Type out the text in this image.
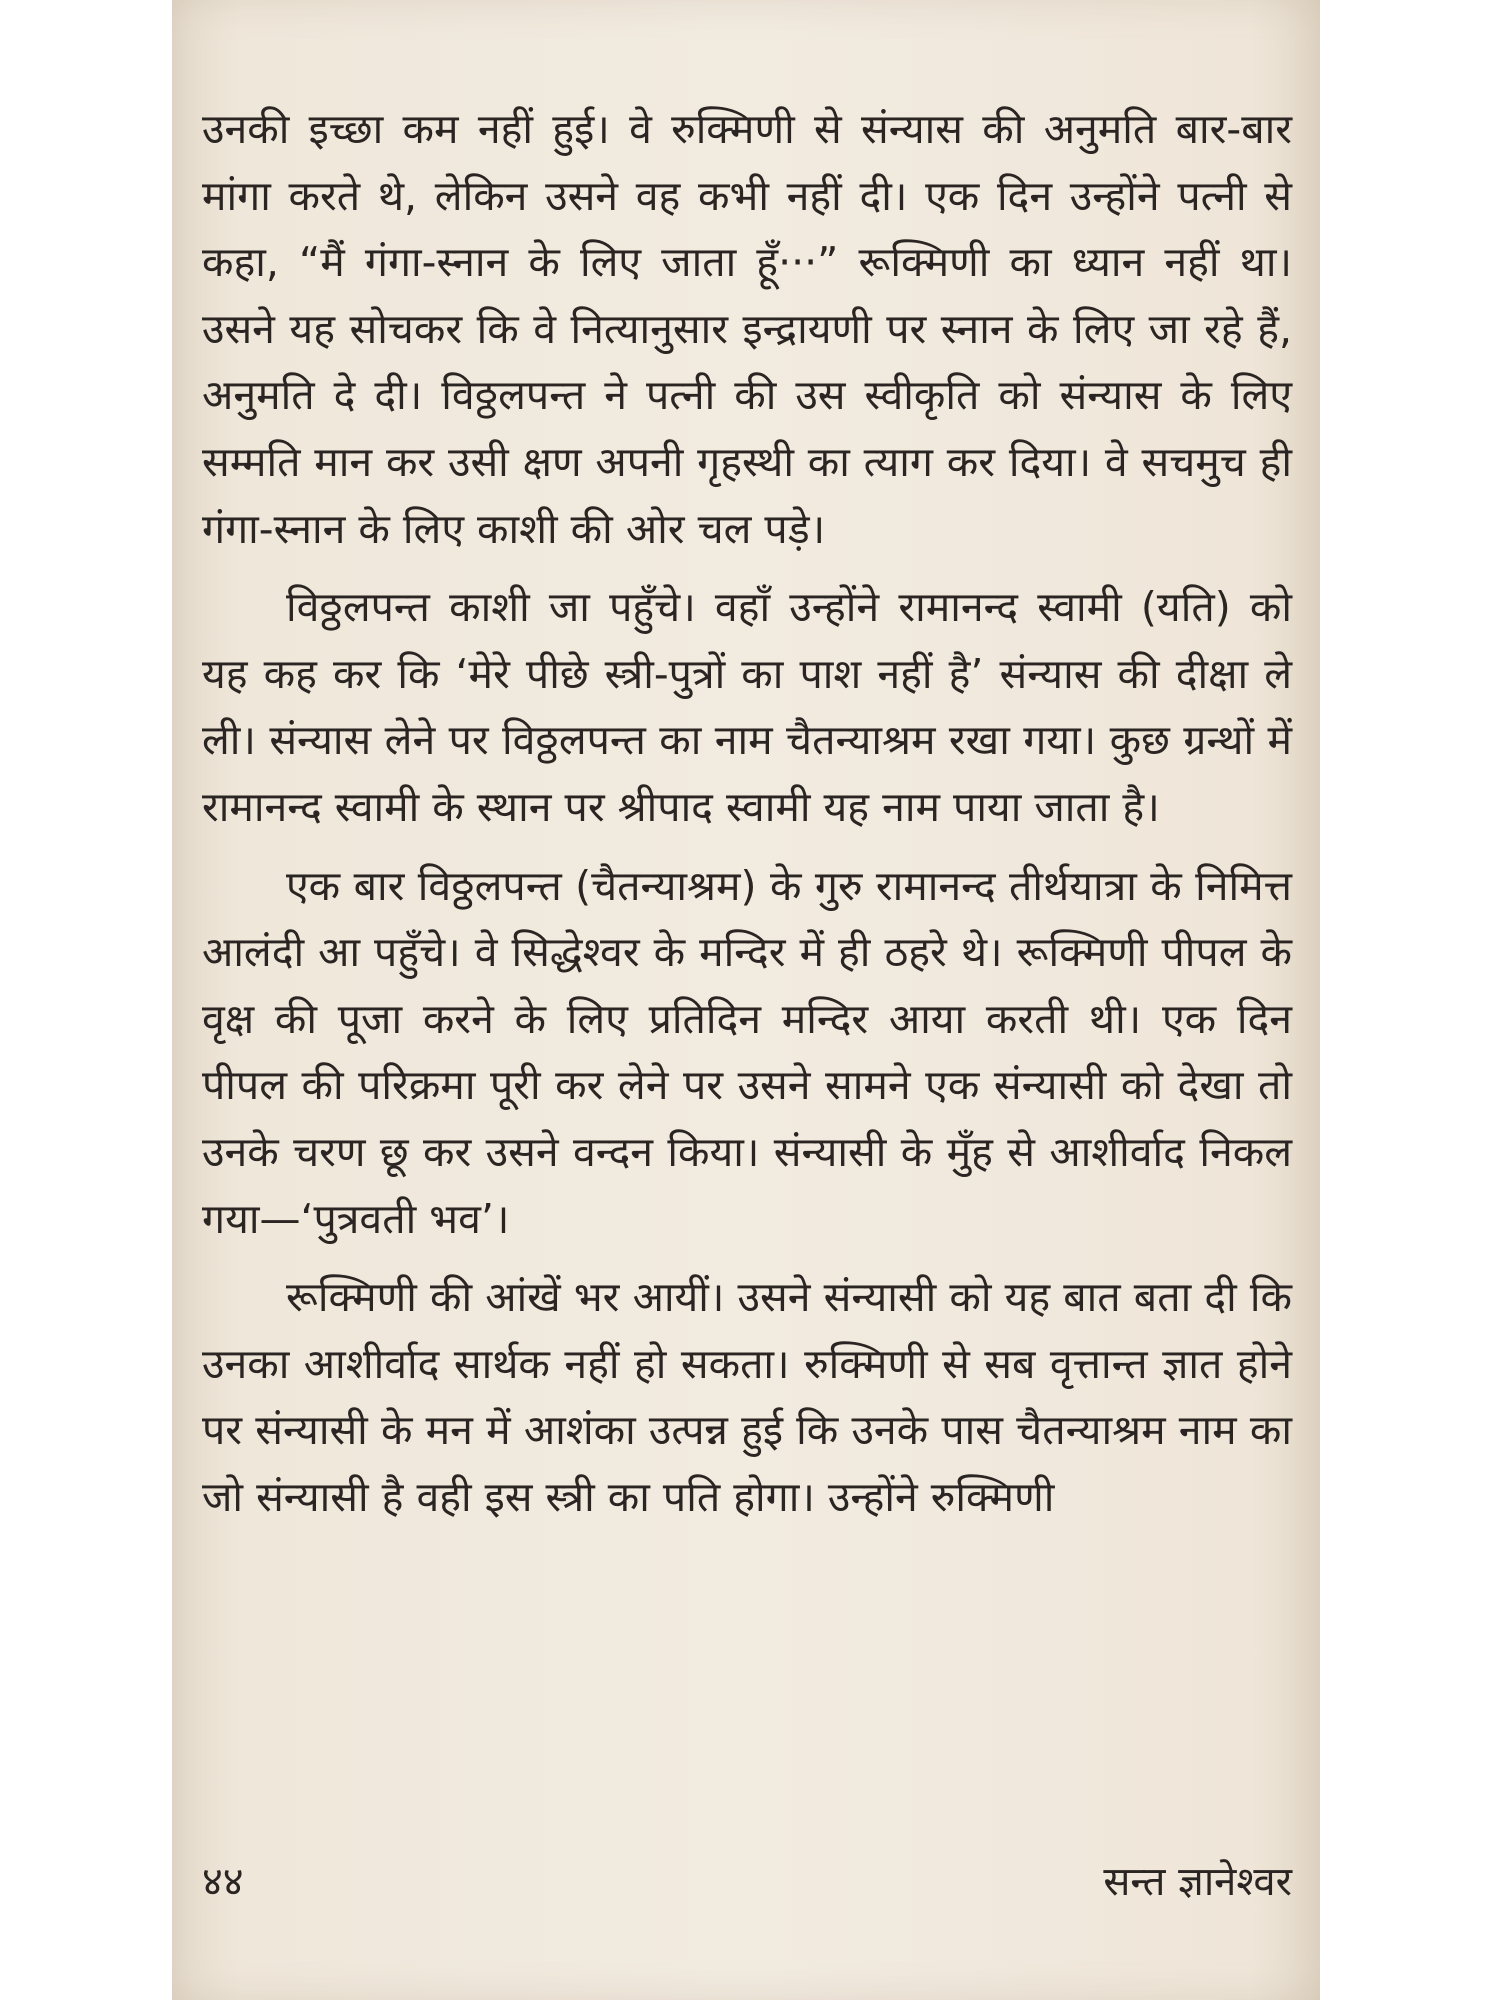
उनकी इच्छा कम नहीं हुई। वे रुक्मिणी से संन्यास की अनुमति बार-बार मांगा करते थे, लेकिन उसने वह कभी नहीं दी। एक दिन उन्होंने पत्नी से कहा, “मैं गंगा-स्नान के लिए जाता हूँ···” रूक्मिणी का ध्यान नहीं था। उसने यह सोचकर कि वे नित्यानुसार इन्द्रायणी पर स्नान के लिए जा रहे हैं, अनुमति दे दी। विठ्ठलपन्त ने पत्नी की उस स्वीकृति को संन्यास के लिए सम्मति मान कर उसी क्षण अपनी गृहस्थी का त्याग कर दिया। वे सचमुच ही गंगा-स्नान के लिए काशी की ओर चल पड़े।

विठ्ठलपन्त काशी जा पहुँचे। वहाँ उन्होंने रामानन्द स्वामी (यति) को यह कह कर कि ‘मेरे पीछे स्त्री-पुत्रों का पाश नहीं है’ संन्यास की दीक्षा ले ली। संन्यास लेने पर विठ्ठलपन्त का नाम चैतन्याश्रम रखा गया। कुछ ग्रन्थों में रामानन्द स्वामी के स्थान पर श्रीपाद स्वामी यह नाम पाया जाता है।

एक बार विठ्ठलपन्त (चैतन्याश्रम) के गुरु रामानन्द तीर्थयात्रा के निमित्त आलंदी आ पहुँचे। वे सिद्धेश्वर के मन्दिर में ही ठहरे थे। रूक्मिणी पीपल के वृक्ष की पूजा करने के लिए प्रतिदिन मन्दिर आया करती थी। एक दिन पीपल की परिक्रमा पूरी कर लेने पर उसने सामने एक संन्यासी को देखा तो उनके चरण छू कर उसने वन्दन किया। संन्यासी के मुँह से आशीर्वाद निकल गया—‘पुत्रवती भव’।

रूक्मिणी की आंखें भर आयीं। उसने संन्यासी को यह बात बता दी कि उनका आशीर्वाद सार्थक नहीं हो सकता। रुक्मिणी से सब वृत्तान्त ज्ञात होने पर संन्यासी के मन में आशंका उत्पन्न हुई कि उनके पास चैतन्याश्रम नाम का जो संन्यासी है वही इस स्त्री का पति होगा। उन्होंने रुक्मिणी

४४	सन्त ज्ञानेश्वर
